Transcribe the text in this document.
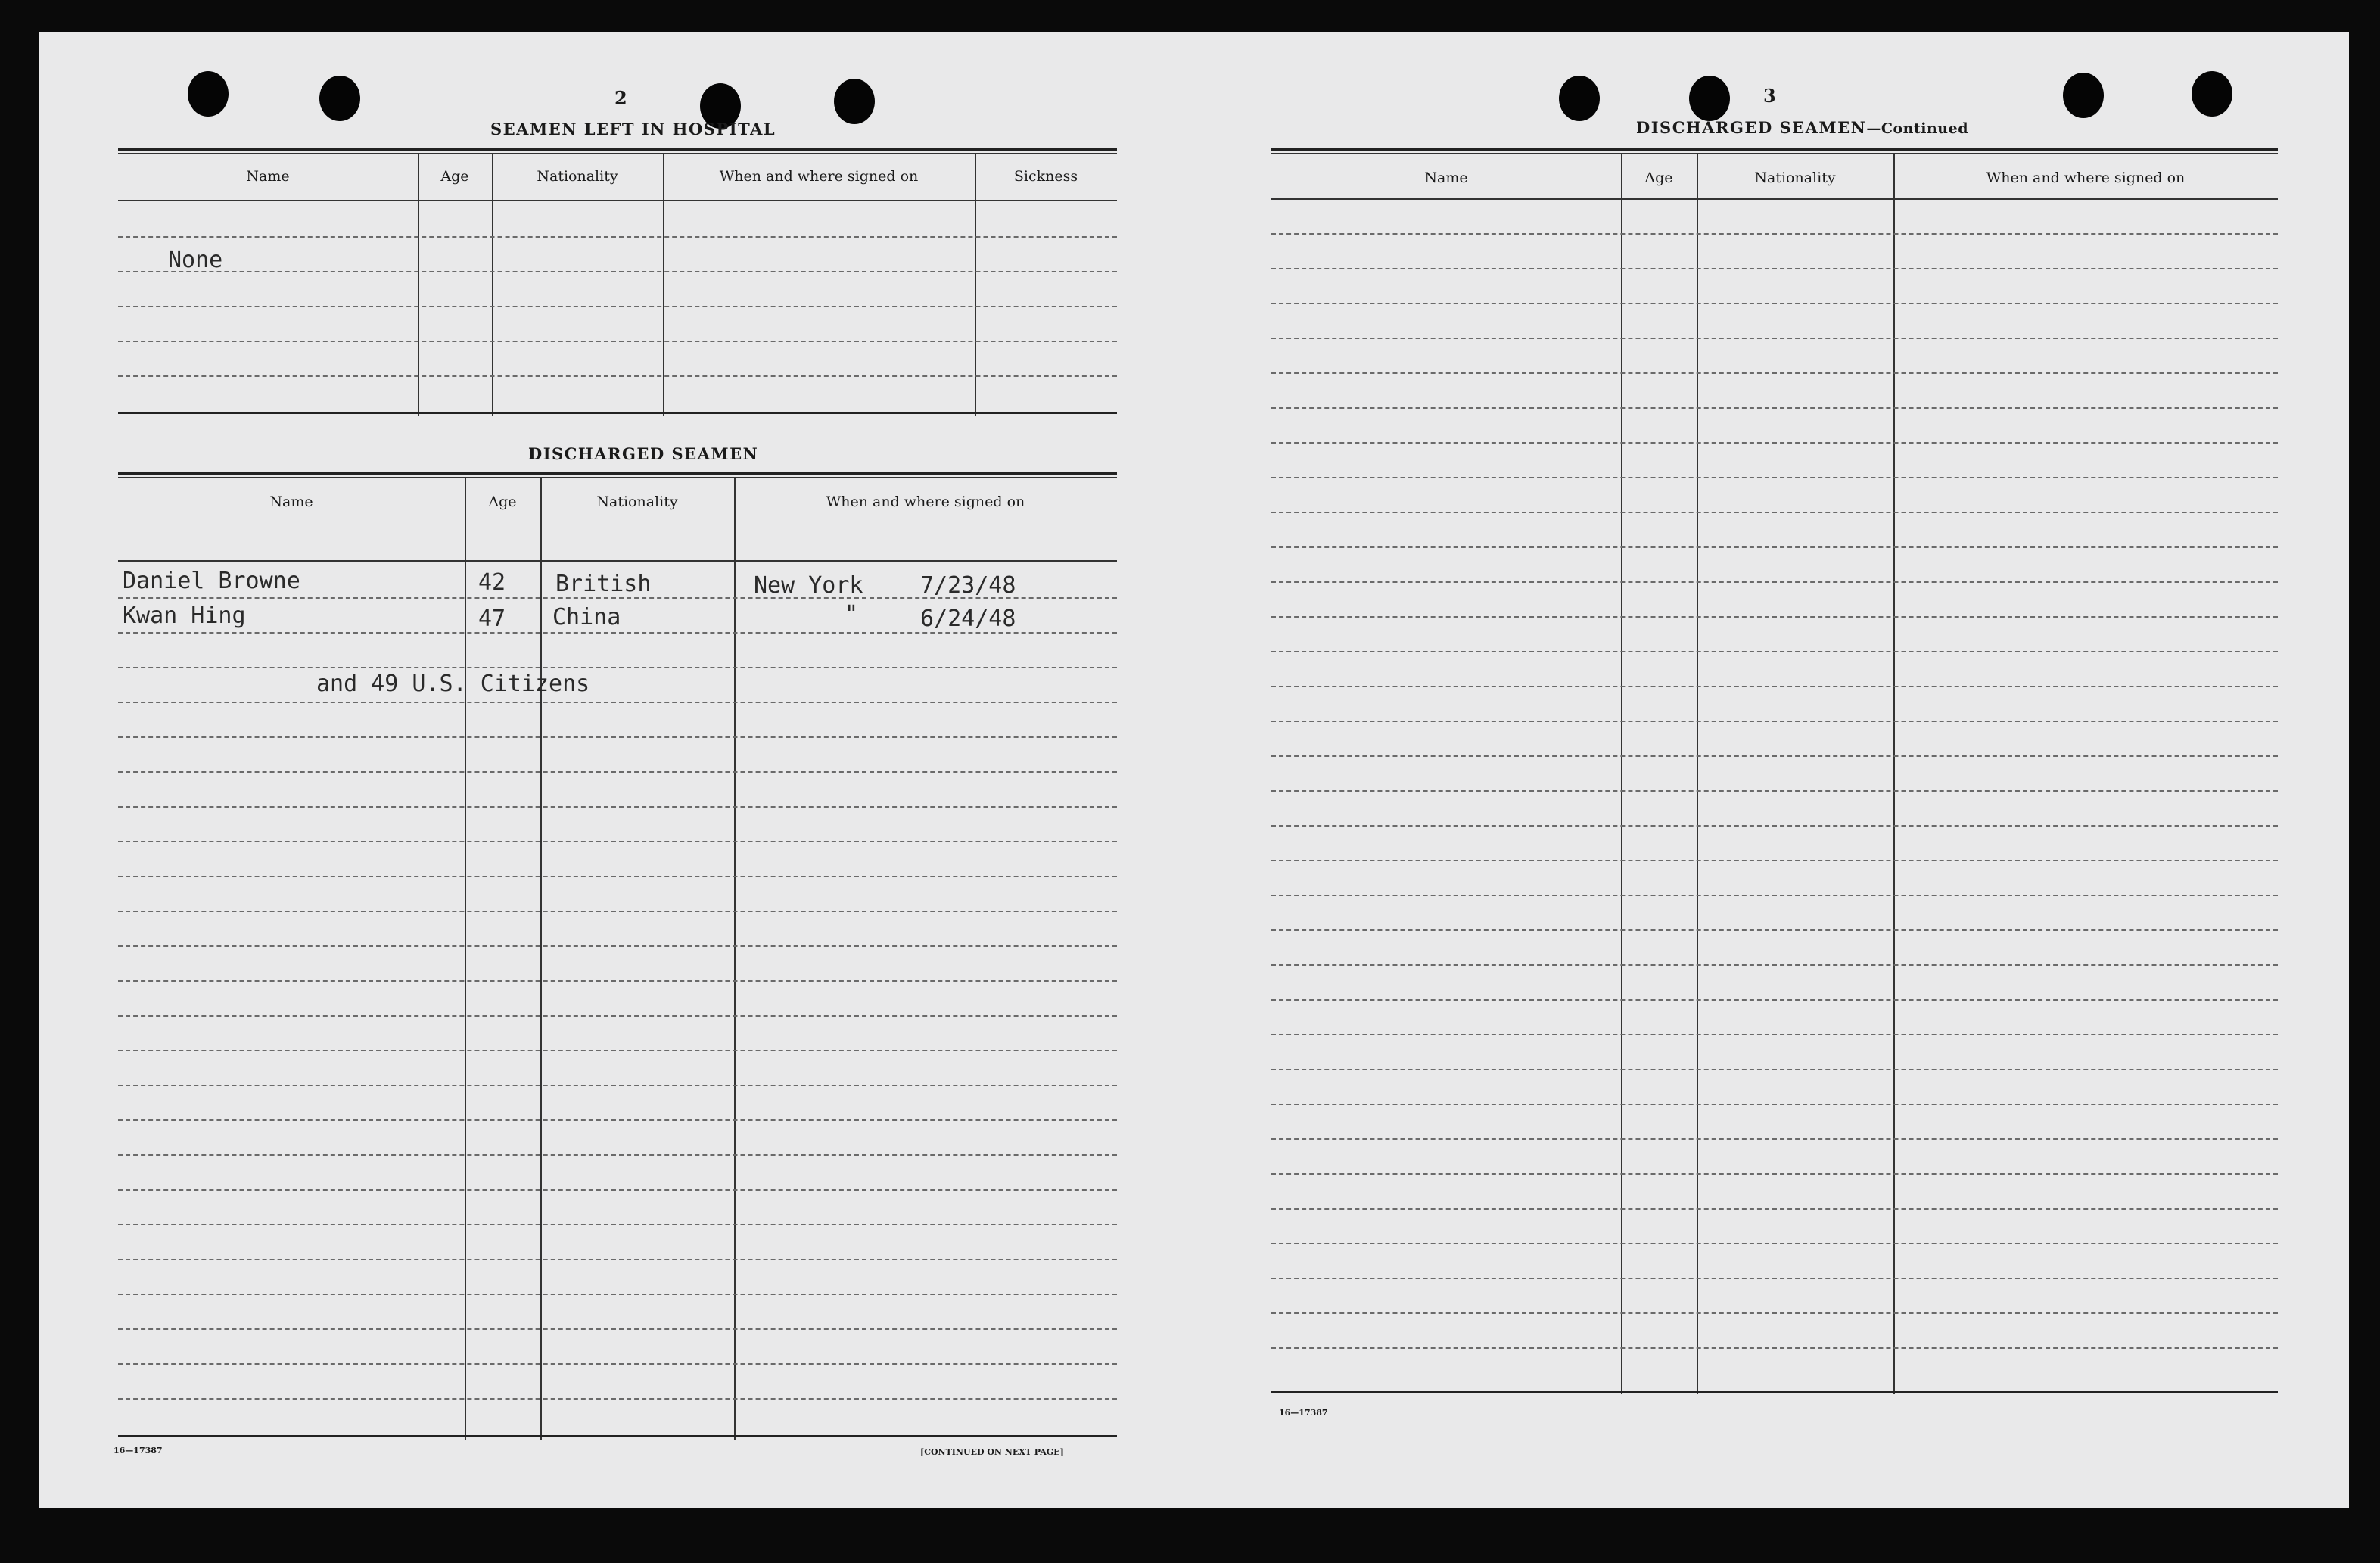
2
SEAMEN LEFT IN HOSPITAL
Name	Age	Nationality	When and where signed on	Sickness
None
DISCHARGED SEAMEN
Name	Age	Nationality	When and where signed on
Daniel Browne	42 British	New York	7/23/48
Kwan Hing	47 China	"	6/24/48
and 49 U.S. Citizens
16—17387	[CONTINUED ON NEXT PAGE]
3
DISCHARGED SEAMEN—Continued
Name	Age	Nationality	When and where signed on
16—17387
